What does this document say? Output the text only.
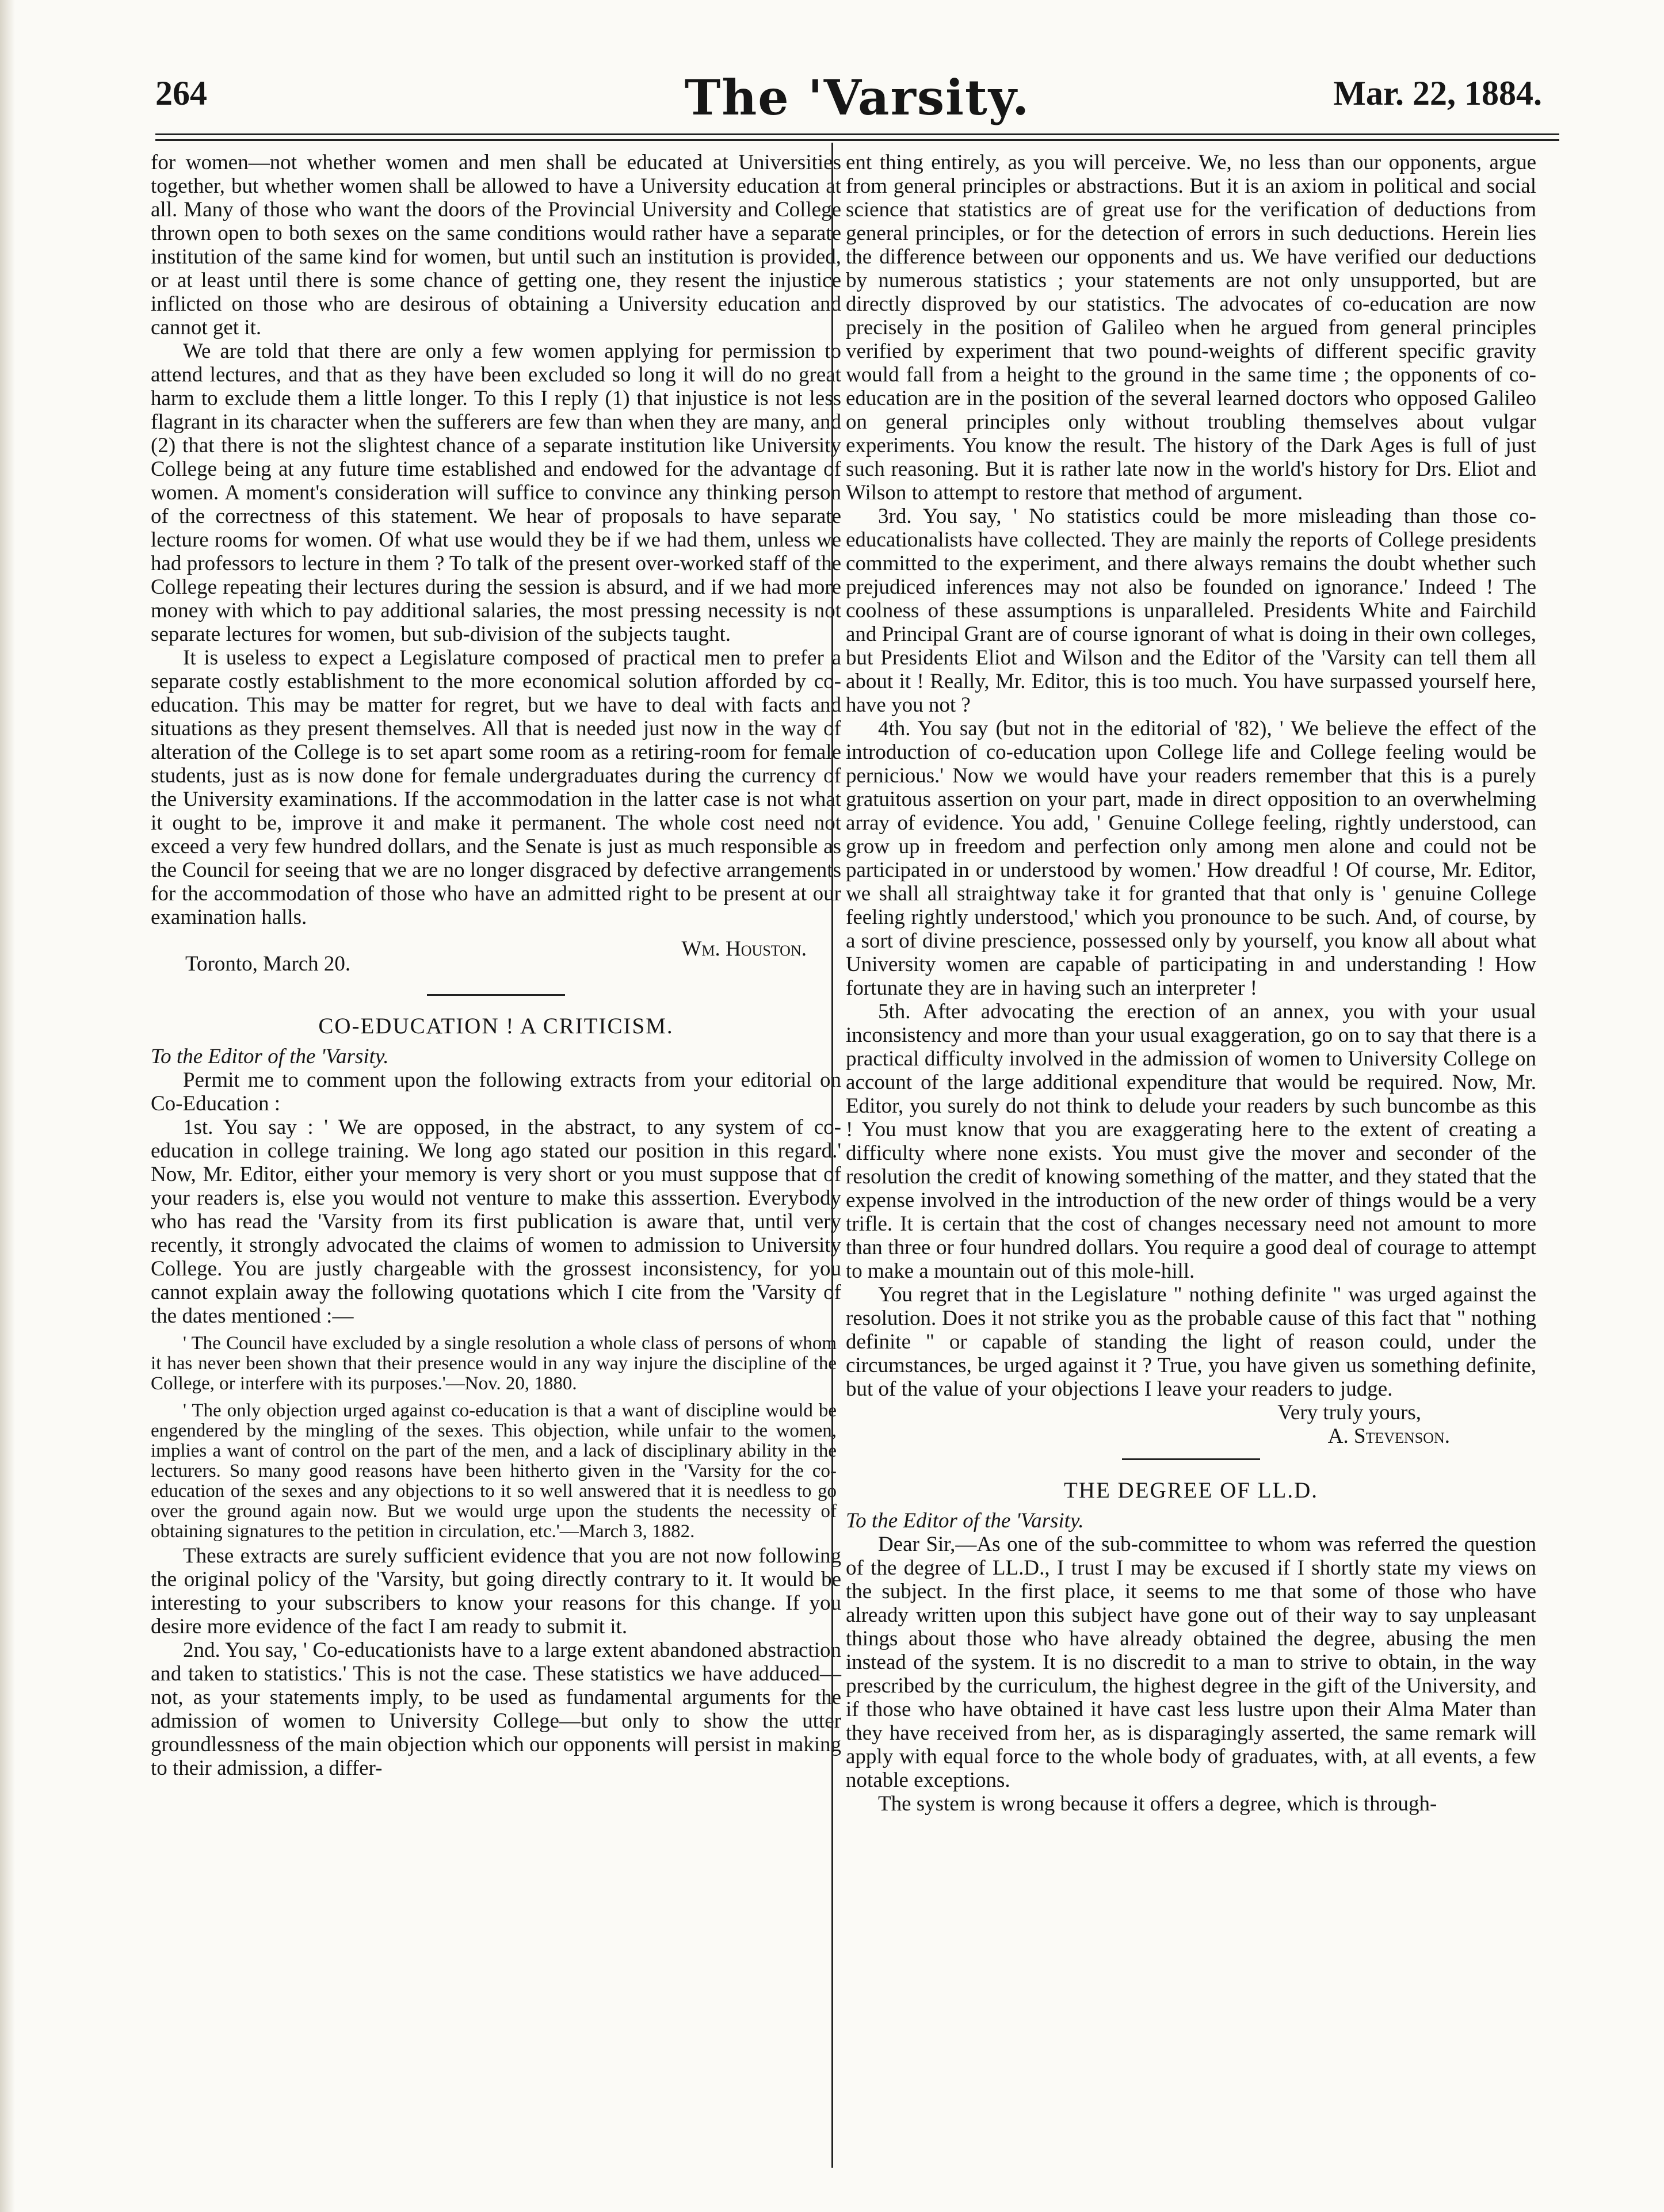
264	The 'Varsity.	Mar. 22, 1884.

for women—not whether women and men shall be educated at Universities together, but whether women shall be allowed to have a University education at all. Many of those who want the doors of the Provincial University and College thrown open to both sexes on the same conditions would rather have a separate institution of the same kind for women, but until such an institution is provided, or at least until there is some chance of getting one, they resent the injustice inflicted on those who are desirous of obtaining a University education and cannot get it.

We are told that there are only a few women applying for permission to attend lectures, and that as they have been excluded so long it will do no great harm to exclude them a little longer. To this I reply (1) that injustice is not less flagrant in its character when the sufferers are few than when they are many, and (2) that there is not the slightest chance of a separate institution like University College being at any future time established and endowed for the advantage of women. A moment's consideration will suffice to convince any thinking person of the correctness of this statement. We hear of proposals to have separate lecture rooms for women. Of what use would they be if we had them, unless we had professors to lecture in them ? To talk of the present over-worked staff of the College repeating their lectures during the session is absurd, and if we had more money with which to pay additional salaries, the most pressing necessity is not separate lectures for women, but sub-division of the subjects taught.

It is useless to expect a Legislature composed of practical men to prefer a separate costly establishment to the more economical solution afforded by co-education. This may be matter for regret, but we have to deal with facts and situations as they present themselves. All that is needed just now in the way of alteration of the College is to set apart some room as a retiring-room for female students, just as is now done for female undergraduates during the currency of the University examinations. If the accommodation in the latter case is not what it ought to be, improve it and make it permanent. The whole cost need not exceed a very few hundred dollars, and the Senate is just as much responsible as the Council for seeing that we are no longer disgraced by defective arrangements for the accommodation of those who have an admitted right to be present at our examination halls.

Toronto, March 20.
Wm. Houston.
CO-EDUCATION ! A CRITICISM.

To the Editor of the 'Varsity.

Permit me to comment upon the following extracts from your editorial on Co-Education :

1st. You say : ' We are opposed, in the abstract, to any system of co-education in college training. We long ago stated our position in this regard.' Now, Mr. Editor, either your memory is very short or you must suppose that of your readers is, else you would not venture to make this asssertion. Everybody who has read the 'Varsity from its first publication is aware that, until very recently, it strongly advocated the claims of women to admission to University College. You are justly chargeable with the grossest inconsistency, for you cannot explain away the following quotations which I cite from the 'Varsity of the dates mentioned :—

' The Council have excluded by a single resolution a whole class of persons of whom it has never been shown that their presence would in any way injure the discipline of the College, or interfere with its purposes.'—Nov. 20, 1880.

' The only objection urged against co-education is that a want of discipline would be engendered by the mingling of the sexes. This objection, while unfair to the women, implies a want of control on the part of the men, and a lack of disciplinary ability in the lecturers. So many good reasons have been hitherto given in the 'Varsity for the co-education of the sexes and any objections to it so well answered that it is needless to go over the ground again now. But we would urge upon the students the necessity of obtaining signatures to the petition in circulation, etc.'—March 3, 1882.

These extracts are surely sufficient evidence that you are not now following the original policy of the 'Varsity, but going directly contrary to it. It would be interesting to your subscribers to know your reasons for this change. If you desire more evidence of the fact I am ready to submit it.

2nd. You say, ' Co-educationists have to a large extent abandoned abstraction and taken to statistics.' This is not the case. These statistics we have adduced—not, as your statements imply, to be used as fundamental arguments for the admission of women to University College—but only to show the utter groundlessness of the main objection which our opponents will persist in making to their admission, a differ-

ent thing entirely, as you will perceive. We, no less than our opponents, argue from general principles or abstractions. But it is an axiom in political and social science that statistics are of great use for the verification of deductions from general principles, or for the detection of errors in such deductions. Herein lies the difference between our opponents and us. We have verified our deductions by numerous statistics ; your statements are not only unsupported, but are directly disproved by our statistics. The advocates of co-education are now precisely in the position of Galileo when he argued from general principles verified by experiment that two pound-weights of different specific gravity would fall from a height to the ground in the same time ; the opponents of co-education are in the position of the several learned doctors who opposed Galileo on general principles only without troubling themselves about vulgar experiments. You know the result. The history of the Dark Ages is full of just such reasoning. But it is rather late now in the world's history for Drs. Eliot and Wilson to attempt to restore that method of argument.

3rd. You say, ' No statistics could be more misleading than those co-educationalists have collected. They are mainly the reports of College presidents committed to the experiment, and there always remains the doubt whether such prejudiced inferences may not also be founded on ignorance.' Indeed ! The coolness of these assumptions is unparalleled. Presidents White and Fairchild and Principal Grant are of course ignorant of what is doing in their own colleges, but Presidents Eliot and Wilson and the Editor of the 'Varsity can tell them all about it ! Really, Mr. Editor, this is too much. You have surpassed yourself here, have you not ?

4th. You say (but not in the editorial of '82), ' We believe the effect of the introduction of co-education upon College life and College feeling would be pernicious.' Now we would have your readers remember that this is a purely gratuitous assertion on your part, made in direct opposition to an overwhelming array of evidence. You add, ' Genuine College feeling, rightly understood, can grow up in freedom and perfection only among men alone and could not be participated in or understood by women.' How dreadful ! Of course, Mr. Editor, we shall all straightway take it for granted that that only is ' genuine College feeling rightly understood,' which you pronounce to be such. And, of course, by a sort of divine prescience, possessed only by yourself, you know all about what University women are capable of participating in and understanding ! How fortunate they are in having such an interpreter !

5th. After advocating the erection of an annex, you with your usual inconsistency and more than your usual exaggeration, go on to say that there is a practical difficulty involved in the admission of women to University College on account of the large additional expenditure that would be required. Now, Mr. Editor, you surely do not think to delude your readers by such buncombe as this ! You must know that you are exaggerating here to the extent of creating a difficulty where none exists. You must give the mover and seconder of the resolution the credit of knowing something of the matter, and they stated that the expense involved in the introduction of the new order of things would be a very trifle. It is certain that the cost of changes necessary need not amount to more than three or four hundred dollars. You require a good deal of courage to attempt to make a mountain out of this mole-hill.

You regret that in the Legislature " nothing definite " was urged against the resolution. Does it not strike you as the probable cause of this fact that " nothing definite " or capable of standing the light of reason could, under the circumstances, be urged against it ? True, you have given us something definite, but of the value of your objections I leave your readers to judge.

Very truly yours,
A. Stevenson.
THE DEGREE OF LL.D.

To the Editor of the 'Varsity.

Dear Sir,—As one of the sub-committee to whom was referred the question of the degree of LL.D., I trust I may be excused if I shortly state my views on the subject. In the first place, it seems to me that some of those who have already written upon this subject have gone out of their way to say unpleasant things about those who have already obtained the degree, abusing the men instead of the system. It is no discredit to a man to strive to obtain, in the way prescribed by the curriculum, the highest degree in the gift of the University, and if those who have obtained it have cast less lustre upon their Alma Mater than they have received from her, as is disparagingly asserted, the same remark will apply with equal force to the whole body of graduates, with, at all events, a few notable exceptions.

The system is wrong because it offers a degree, which is through-
